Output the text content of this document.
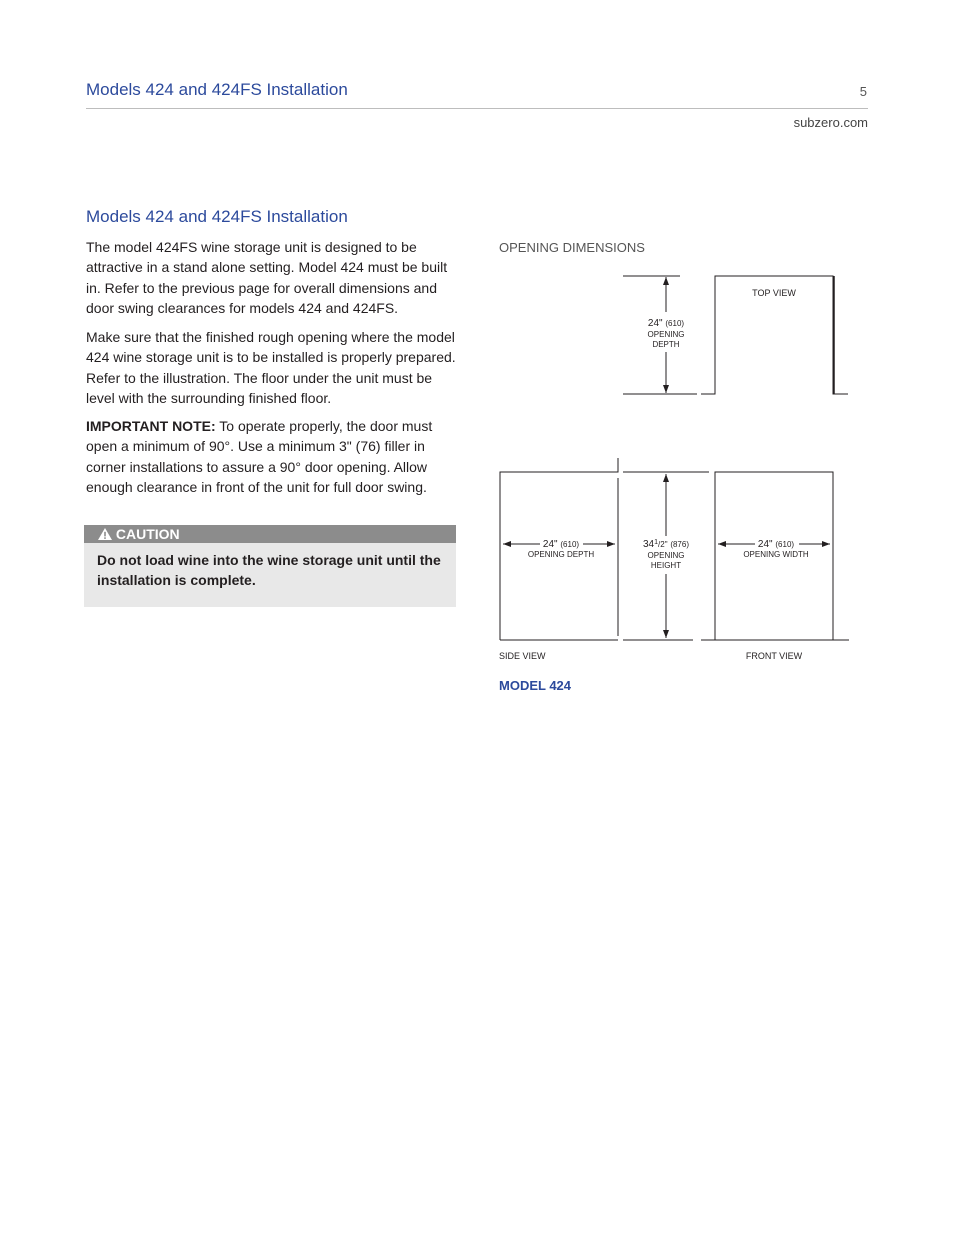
Models 424 and 424FS Installation	5
subzero.com
Models 424 and 424FS Installation

The model 424FS wine storage unit is designed to be attractive in a stand alone setting. Model 424 must be built in. Refer to the previous page for overall dimensions and door swing clearances for models 424 and 424FS.

Make sure that the finished rough opening where the model 424 wine storage unit is to be installed is properly prepared. Refer to the illustration. The floor under the unit must be level with the surrounding finished floor.

IMPORTANT NOTE: To operate properly, the door must open a minimum of 90°. Use a minimum 3" (76) filler in corner installations to assure a 90° door opening. Allow enough clearance in front of the unit for full door swing.

CAUTION
Do not load wine into the wine storage unit until the installation is complete.
OPENING DIMENSIONS
TOP VIEW
24" (610)
OPENING
DEPTH
24" (610)
OPENING DEPTH
$34^1_{/2"}$ (876)
OPENING
HEIGHT
24" (610)
OPENING WIDTH
SIDE VIEW	FRONT VIEW
MODEL 424
